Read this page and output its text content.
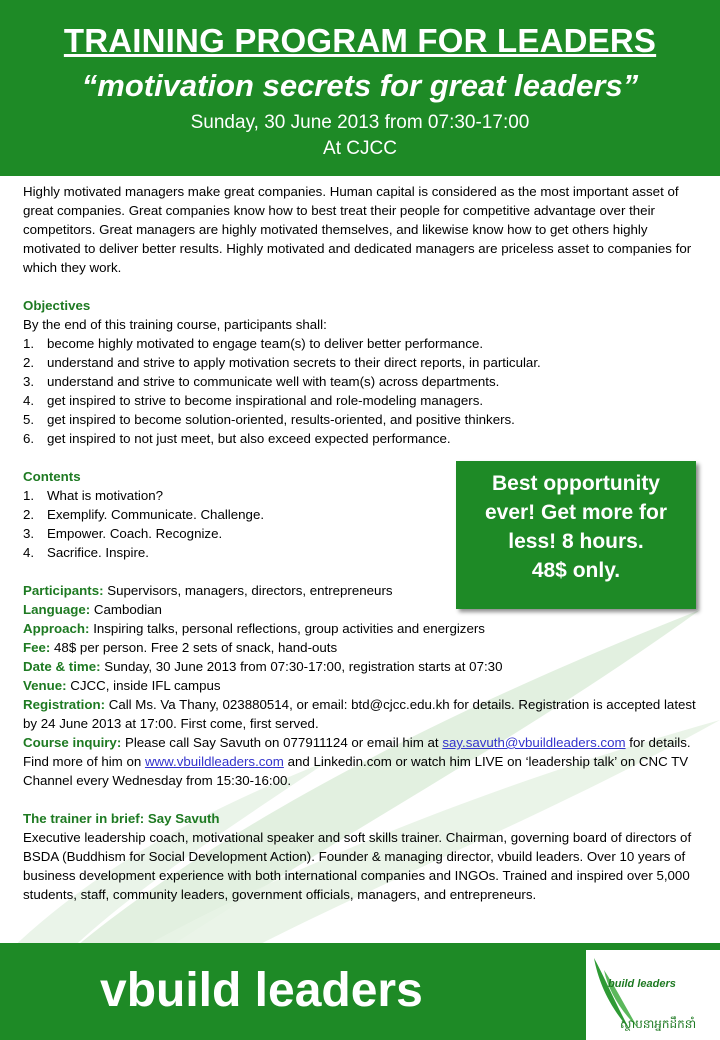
TRAINING PROGRAM FOR LEADERS
“motivation secrets for great leaders”
Sunday, 30 June 2013 from 07:30-17:00
At CJCC

Highly motivated managers make great companies. Human capital is considered as the most important asset of great companies. Great companies know how to best treat their people for competitive advantage over their competitors. Great managers are highly motivated themselves, and likewise know how to get others highly motivated to deliver better results. Highly motivated and dedicated managers are priceless asset to companies for which they work.

Objectives

By the end of this training course, participants shall:

1. become highly motivated to engage team(s) to deliver better performance.
2. understand and strive to apply motivation secrets to their direct reports, in particular.
3. understand and strive to communicate well with team(s) across departments.
4. get inspired to strive to become inspirational and role-modeling managers.
5. get inspired to become solution-oriented, results-oriented, and positive thinkers.
6. get inspired to not just meet, but also exceed expected performance.

Contents

1. What is motivation?
2. Exemplify. Communicate. Challenge.
3. Empower. Coach. Recognize.
4. Sacrifice. Inspire.

Participants: Supervisors, managers, directors, entrepreneurs

Language: Cambodian

Approach: Inspiring talks, personal reflections, group activities and energizers

Fee: 48$ per person. Free 2 sets of snack, hand-outs

Date & time: Sunday, 30 June 2013 from 07:30-17:00, registration starts at 07:30

Venue: CJCC, inside IFL campus

Registration: Call Ms. Va Thany, 023880514, or email: btd@cjcc.edu.kh for details. Registration is accepted latest by 24 June 2013 at 17:00. First come, first served.

Course inquiry: Please call Say Savuth on 077911124 or email him at say.savuth@vbuildleaders.com for details. Find more of him on www.vbuildleaders.com and Linkedin.com or watch him LIVE on ‘leadership talk’ on CNC TV Channel every Wednesday from 15:30-16:00.

The trainer in brief: Say Savuth

Executive leadership coach, motivational speaker and soft skills trainer. Chairman, governing board of directors of BSDA (Buddhism for Social Development Action). Founder & managing director, vbuild leaders. Over 10 years of business development experience with both international companies and INGOs. Trained and inspired over 5,000 students, staff, community leaders, government officials, managers, and entrepreneurs.

Best opportunity
ever! Get more for
less! 8 hours.
48$ only.
vbuild leaders	build leaders
ស្ថាបនាអ្នកដឹកនាំ
